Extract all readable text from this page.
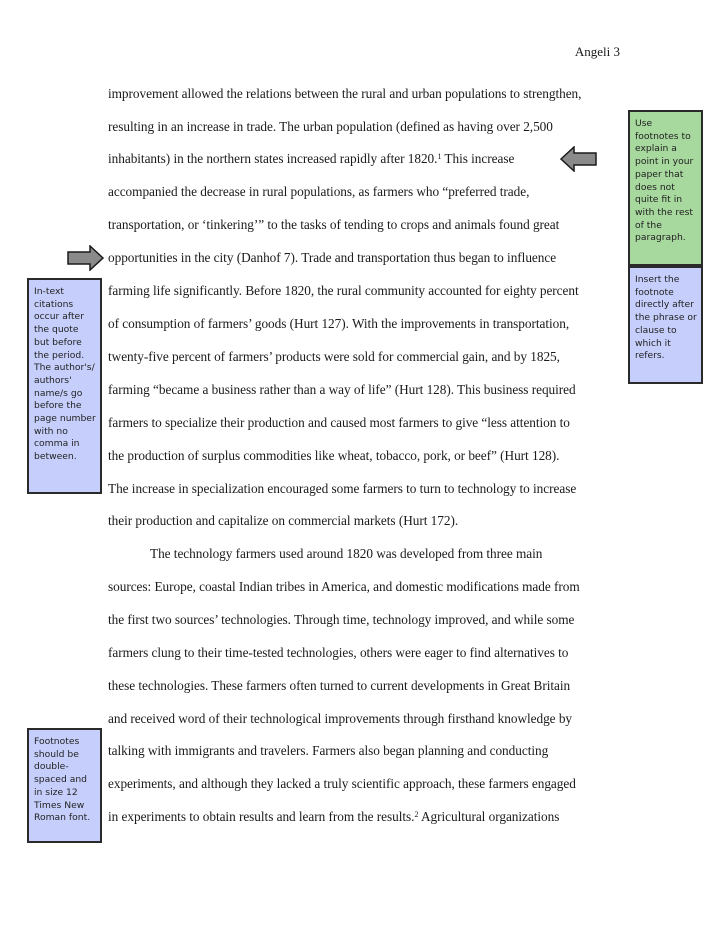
Angeli 3
improvement allowed the relations between the rural and urban populations to strengthen,
resulting in an increase in trade. The urban population (defined as having over 2,500
inhabitants) in the northern states increased rapidly after 1820.$^1$ This increase
accompanied the decrease in rural populations, as farmers who “preferred trade,
transportation, or ‘tinkering’” to the tasks of tending to crops and animals found great
opportunities in the city (Danhof 7). Trade and transportation thus began to influence
farming life significantly. Before 1820, the rural community accounted for eighty percent
of consumption of farmers’ goods (Hurt 127). With the improvements in transportation,
twenty-five percent of farmers’ products were sold for commercial gain, and by 1825,
farming “became a business rather than a way of life” (Hurt 128). This business required
farmers to specialize their production and caused most farmers to give “less attention to
the production of surplus commodities like wheat, tobacco, pork, or beef” (Hurt 128).
The increase in specialization encouraged some farmers to turn to technology to increase
their production and capitalize on commercial markets (Hurt 172).
The technology farmers used around 1820 was developed from three main
sources: Europe, coastal Indian tribes in America, and domestic modifications made from
the first two sources’ technologies. Through time, technology improved, and while some
farmers clung to their time-tested technologies, others were eager to find alternatives to
these technologies. These farmers often turned to current developments in Great Britain
and received word of their technological improvements through firsthand knowledge by
talking with immigrants and travelers. Farmers also began planning and conducting
experiments, and although they lacked a truly scientific approach, these farmers engaged
in experiments to obtain results and learn from the results.$^2$ Agricultural organizations
In-text citations occur after the quote but before the period. The author's/ authors' name/s go before the page number with no comma in between.
Footnotes should be double-spaced and in size 12 Times New Roman font.
Use footnotes to explain a point in your paper that does not quite fit in with the rest of the paragraph.
Insert the footnote directly after the phrase or clause to which it refers.
